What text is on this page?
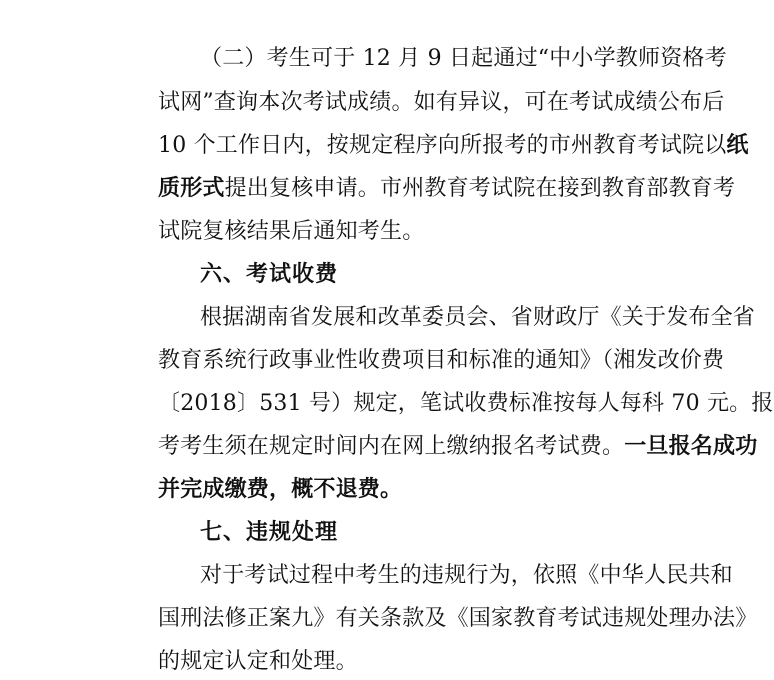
（二）考生可于 12 月 9 日起通过“中小学教师资格考
试网”查询本次考试成绩。如有异议，可在考试成绩公布后
10 个工作日内，按规定程序向所报考的市州教育考试院以纸
质形式提出复核申请。市州教育考试院在接到教育部教育考
试院复核结果后通知考生。
六、考试收费
根据湖南省发展和改革委员会、省财政厅《关于发布全省
教育系统行政事业性收费项目和标准的通知》（湘发改价费
〔2018〕531 号）规定，笔试收费标准按每人每科 70 元。报
考考生须在规定时间内在网上缴纳报名考试费。一旦报名成功
并完成缴费，概不退费。
七、违规处理
对于考试过程中考生的违规行为，依照《中华人民共和
国刑法修正案九》有关条款及《国家教育考试违规处理办法》
的规定认定和处理。
